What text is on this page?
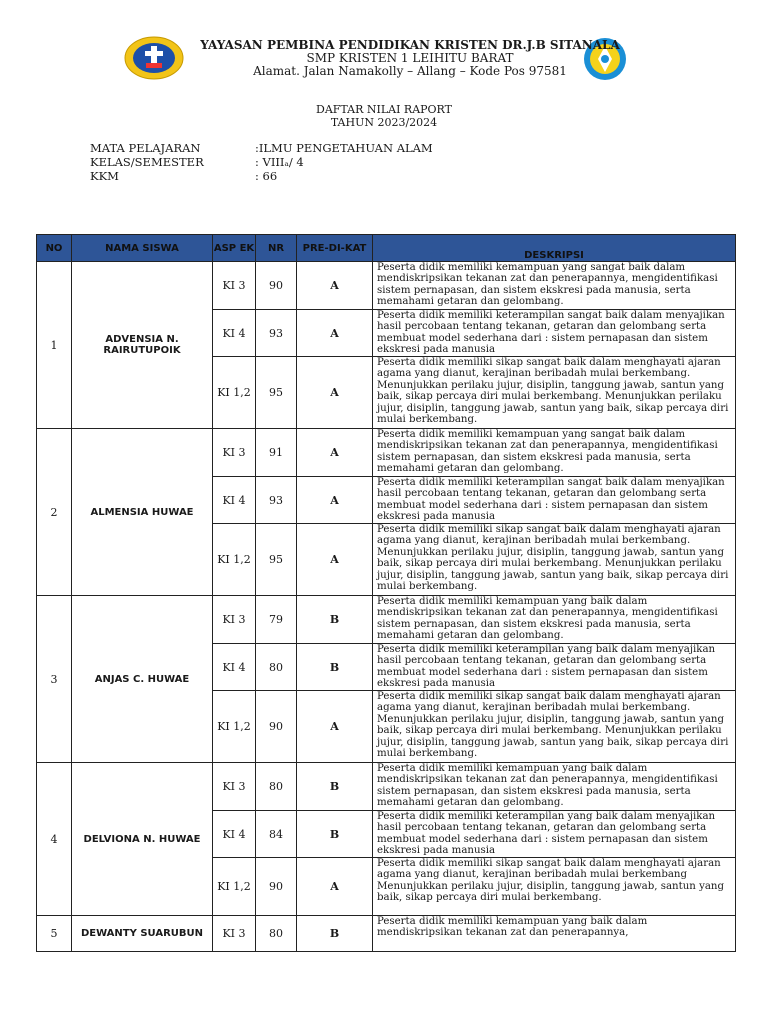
YAYASAN PEMBINA PENDIDIKAN KRISTEN DR.J.B SITANALA
SMP KRISTEN 1 LEIHITU BARAT
Alamat. Jalan Namakolly – Allang – Kode Pos 97581
DAFTAR NILAI RAPORT
TAHUN 2023/2024
MATA PELAJARAN	:ILMU PENGETAHUAN ALAM
KELAS/SEMESTER	: VIIIₐ/ 4
KKM	: 66
NO	NAMA SISWA	ASP EK	NR	PRE-DI-KAT	DESKRIPSI
1	ADVENSIA N. RAIRUTUPOIK	KI 3	90	A	Peserta didik memiliki kemampuan yang sangat baik dalam mendiskripsikan tekanan zat dan penerapannya, mengidentifikasi sistem pernapasan, dan sistem ekskresi pada manusia, serta memahami getaran dan gelombang.
		KI 4	93	A	Peserta didik memiliki keterampilan sangat baik dalam menyajikan hasil percobaan tentang tekanan, getaran dan gelombang serta membuat model sederhana dari : sistem pernapasan dan sistem ekskresi pada manusia
		KI 1,2	95	A	Peserta didik memiliki sikap sangat baik dalam menghayati ajaran agama yang dianut, kerajinan beribadah mulai berkembang. Menunjukkan perilaku jujur, disiplin, tanggung jawab, santun yang baik, sikap percaya diri mulai berkembang. Menunjukkan perilaku jujur, disiplin, tanggung jawab, santun yang baik, sikap percaya diri mulai berkembang.
2	ALMENSIA HUWAE	KI 3	91	A	Peserta didik memiliki kemampuan yang sangat baik dalam mendiskripsikan tekanan zat dan penerapannya, mengidentifikasi sistem pernapasan, dan sistem ekskresi pada manusia, serta memahami getaran dan gelombang.
		KI 4	93	A	Peserta didik memiliki keterampilan sangat baik dalam menyajikan hasil percobaan tentang tekanan, getaran dan gelombang serta membuat model sederhana dari : sistem pernapasan dan sistem ekskresi pada manusia
		KI 1,2	95	A	Peserta didik memiliki sikap sangat baik dalam menghayati ajaran agama yang dianut, kerajinan beribadah mulai berkembang. Menunjukkan perilaku jujur, disiplin, tanggung jawab, santun yang baik, sikap percaya diri mulai berkembang. Menunjukkan perilaku jujur, disiplin, tanggung jawab, santun yang baik, sikap percaya diri mulai berkembang.
3	ANJAS C. HUWAE	KI 3	79	B	Peserta didik memiliki kemampuan yang baik dalam mendiskripsikan tekanan zat dan penerapannya, mengidentifikasi sistem pernapasan, dan sistem ekskresi pada manusia, serta memahami getaran dan gelombang.
		KI 4	80	B	Peserta didik memiliki keterampilan yang baik dalam menyajikan hasil percobaan tentang tekanan, getaran dan gelombang serta membuat model sederhana dari : sistem pernapasan dan sistem ekskresi pada manusia
		KI 1,2	90	A	Peserta didik memiliki sikap sangat baik dalam menghayati ajaran agama yang dianut, kerajinan beribadah mulai berkembang. Menunjukkan perilaku jujur, disiplin, tanggung jawab, santun yang baik, sikap percaya diri mulai berkembang. Menunjukkan perilaku jujur, disiplin, tanggung jawab, santun yang baik, sikap percaya diri mulai berkembang.
4	DELVIONA N. HUWAE	KI 3	80	B	Peserta didik memiliki kemampuan yang baik dalam mendiskripsikan tekanan zat dan penerapannya, mengidentifikasi sistem pernapasan, dan sistem ekskresi pada manusia, serta memahami getaran dan gelombang.
		KI 4	84	B	Peserta didik memiliki keterampilan yang baik dalam menyajikan hasil percobaan tentang tekanan, getaran dan gelombang serta membuat model sederhana dari : sistem pernapasan dan sistem ekskresi pada manusia
		KI 1,2	90	A	Peserta didik memiliki sikap sangat baik dalam menghayati ajaran agama yang dianut, kerajinan beribadah mulai berkembang
Menunjukkan perilaku jujur, disiplin, tanggung jawab, santun yang baik, sikap percaya diri mulai berkembang.
5	DEWANTY SUARUBUN	KI 3	80	B	Peserta didik memiliki kemampuan yang baik dalam mendiskripsikan tekanan zat dan penerapannya,
